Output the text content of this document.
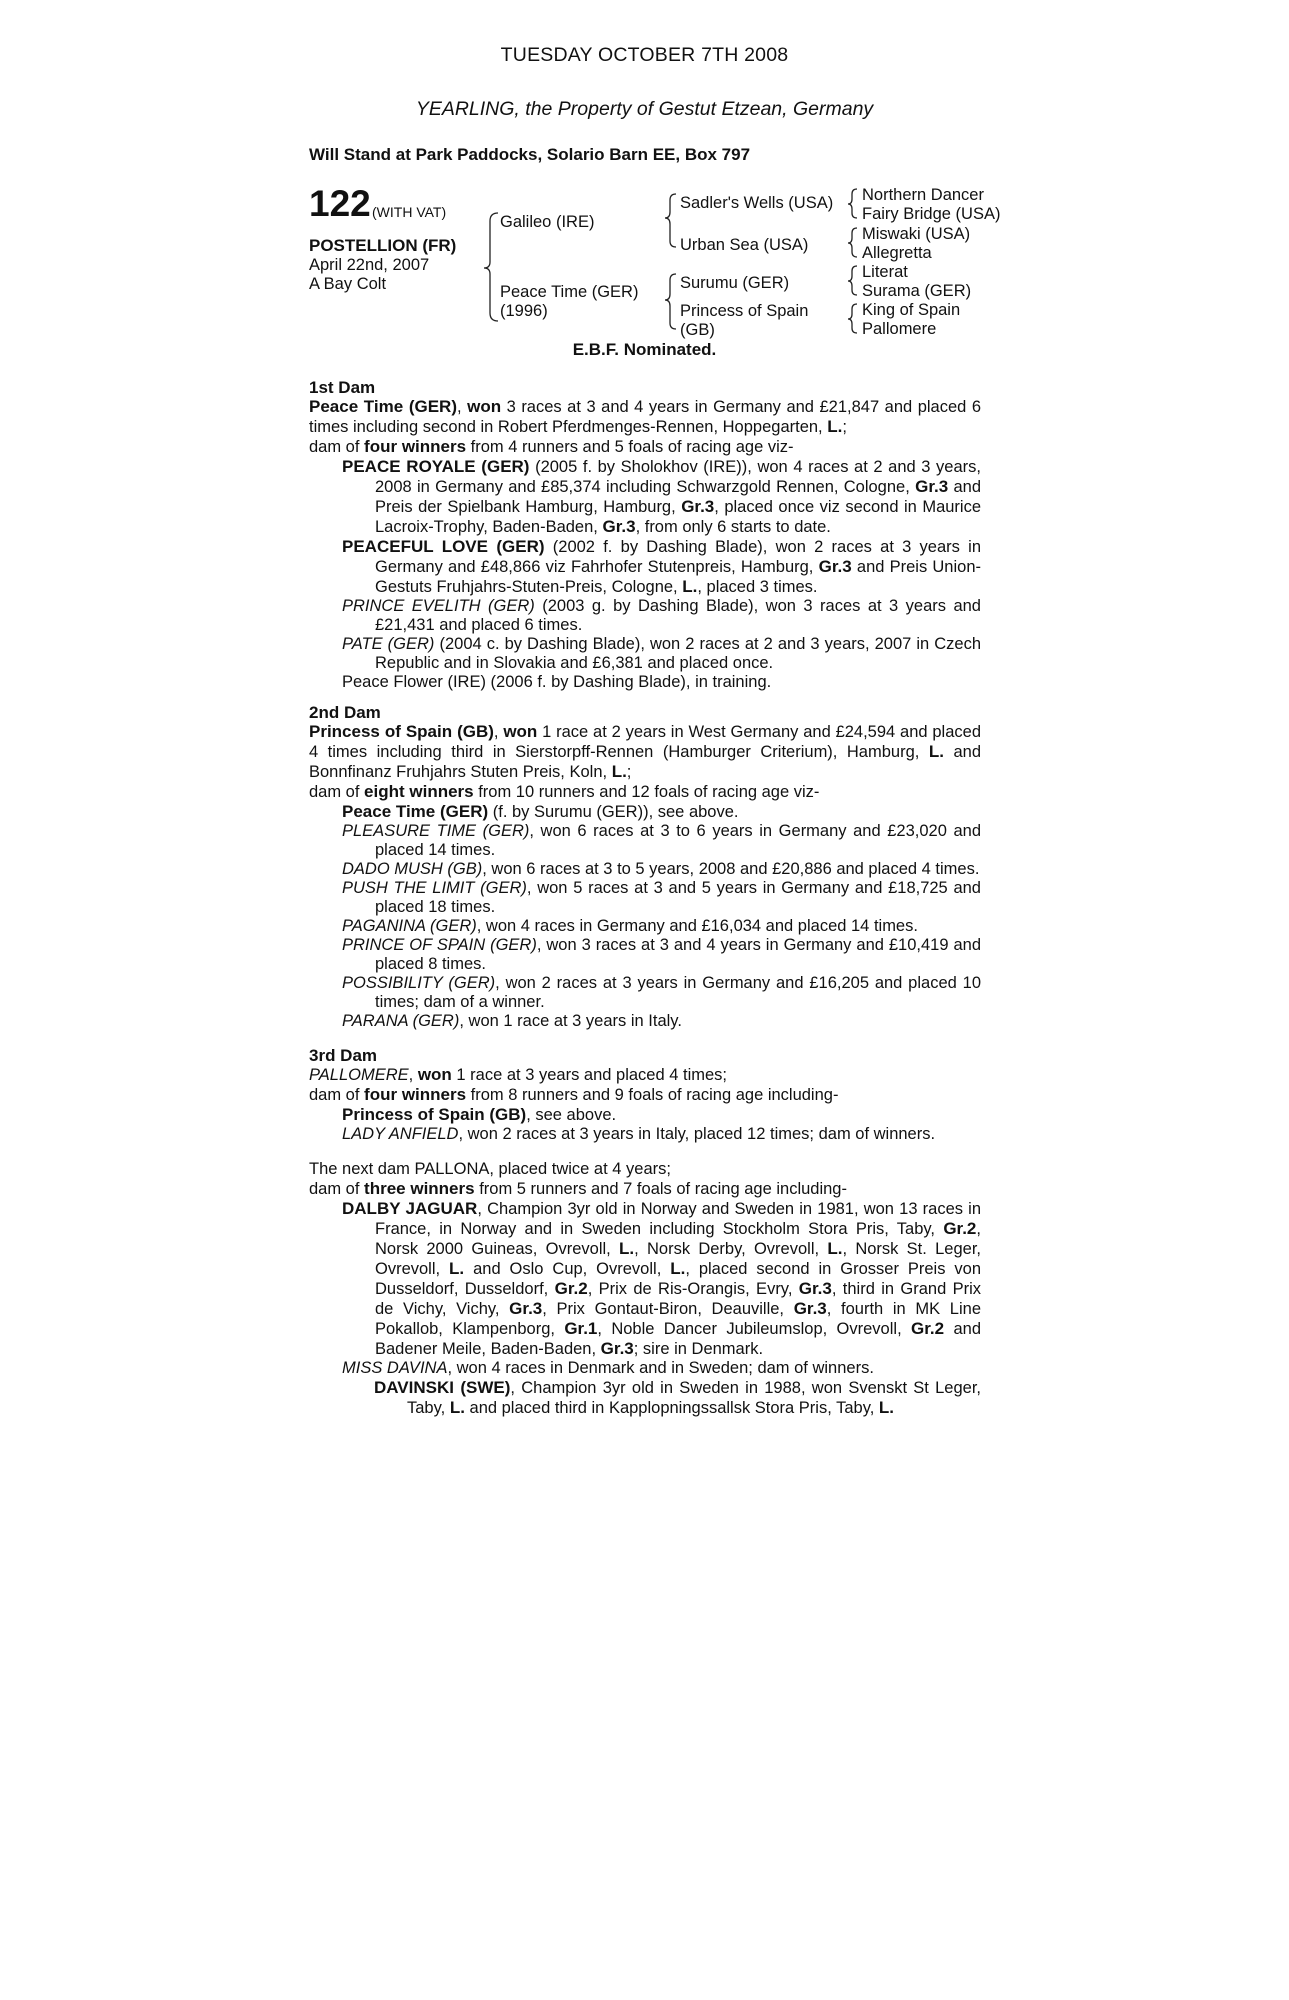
TUESDAY OCTOBER 7TH 2008
YEARLING, the Property of Gestut Etzean, Germany
Will Stand at Park Paddocks, Solario Barn EE, Box 797
122 (WITH VAT)
POSTELLION (FR)
April 22nd, 2007
A Bay Colt
Galileo (IRE)
Peace Time (GER)
(1996)
Sadler's Wells (USA)
Urban Sea (USA)
Surumu (GER)
Princess of Spain
(GB)
Northern Dancer
Fairy Bridge (USA)
Miswaki (USA)
Allegretta
Literat
Surama (GER)
King of Spain
Pallomere
E.B.F. Nominated.
1st Dam
Peace Time (GER), won 3 races at 3 and 4 years in Germany and £21,847 and placed 6 times including second in Robert Pferdmenges-Rennen, Hoppegarten, L.;
dam of four winners from 4 runners and 5 foals of racing age viz-
PEACE ROYALE (GER) (2005 f. by Sholokhov (IRE)), won 4 races at 2 and 3 years, 2008 in Germany and £85,374 including Schwarzgold Rennen, Cologne, Gr.3 and Preis der Spielbank Hamburg, Hamburg, Gr.3, placed once viz second in Maurice Lacroix-Trophy, Baden-Baden, Gr.3, from only 6 starts to date.
PEACEFUL LOVE (GER) (2002 f. by Dashing Blade), won 2 races at 3 years in Germany and £48,866 viz Fahrhofer Stutenpreis, Hamburg, Gr.3 and Preis Union-Gestuts Fruhjahrs-Stuten-Preis, Cologne, L., placed 3 times.
PRINCE EVELITH (GER) (2003 g. by Dashing Blade), won 3 races at 3 years and £21,431 and placed 6 times.
PATE (GER) (2004 c. by Dashing Blade), won 2 races at 2 and 3 years, 2007 in Czech Republic and in Slovakia and £6,381 and placed once.
Peace Flower (IRE) (2006 f. by Dashing Blade), in training.
2nd Dam
Princess of Spain (GB), won 1 race at 2 years in West Germany and £24,594 and placed 4 times including third in Sierstorpff-Rennen (Hamburger Criterium), Hamburg, L. and Bonnfinanz Fruhjahrs Stuten Preis, Koln, L.;
dam of eight winners from 10 runners and 12 foals of racing age viz-
Peace Time (GER) (f. by Surumu (GER)), see above.
PLEASURE TIME (GER), won 6 races at 3 to 6 years in Germany and £23,020 and placed 14 times.
DADO MUSH (GB), won 6 races at 3 to 5 years, 2008 and £20,886 and placed 4 times.
PUSH THE LIMIT (GER), won 5 races at 3 and 5 years in Germany and £18,725 and placed 18 times.
PAGANINA (GER), won 4 races in Germany and £16,034 and placed 14 times.
PRINCE OF SPAIN (GER), won 3 races at 3 and 4 years in Germany and £10,419 and placed 8 times.
POSSIBILITY (GER), won 2 races at 3 years in Germany and £16,205 and placed 10 times; dam of a winner.
PARANA (GER), won 1 race at 3 years in Italy.
3rd Dam
PALLOMERE, won 1 race at 3 years and placed 4 times;
dam of four winners from 8 runners and 9 foals of racing age including-
Princess of Spain (GB), see above.
LADY ANFIELD, won 2 races at 3 years in Italy, placed 12 times; dam of winners.
The next dam PALLONA, placed twice at 4 years;
dam of three winners from 5 runners and 7 foals of racing age including-
DALBY JAGUAR, Champion 3yr old in Norway and Sweden in 1981, won 13 races in France, in Norway and in Sweden including Stockholm Stora Pris, Taby, Gr.2, Norsk 2000 Guineas, Ovrevoll, L., Norsk Derby, Ovrevoll, L., Norsk St. Leger, Ovrevoll, L. and Oslo Cup, Ovrevoll, L., placed second in Grosser Preis von Dusseldorf, Dusseldorf, Gr.2, Prix de Ris-Orangis, Evry, Gr.3, third in Grand Prix de Vichy, Vichy, Gr.3, Prix Gontaut-Biron, Deauville, Gr.3, fourth in MK Line Pokallob, Klampenborg, Gr.1, Noble Dancer Jubileumslop, Ovrevoll, Gr.2 and Badener Meile, Baden-Baden, Gr.3; sire in Denmark.
MISS DAVINA, won 4 races in Denmark and in Sweden; dam of winners.
DAVINSKI (SWE), Champion 3yr old in Sweden in 1988, won Svenskt St Leger, Taby, L. and placed third in Kapplopningssallsk Stora Pris, Taby, L.
